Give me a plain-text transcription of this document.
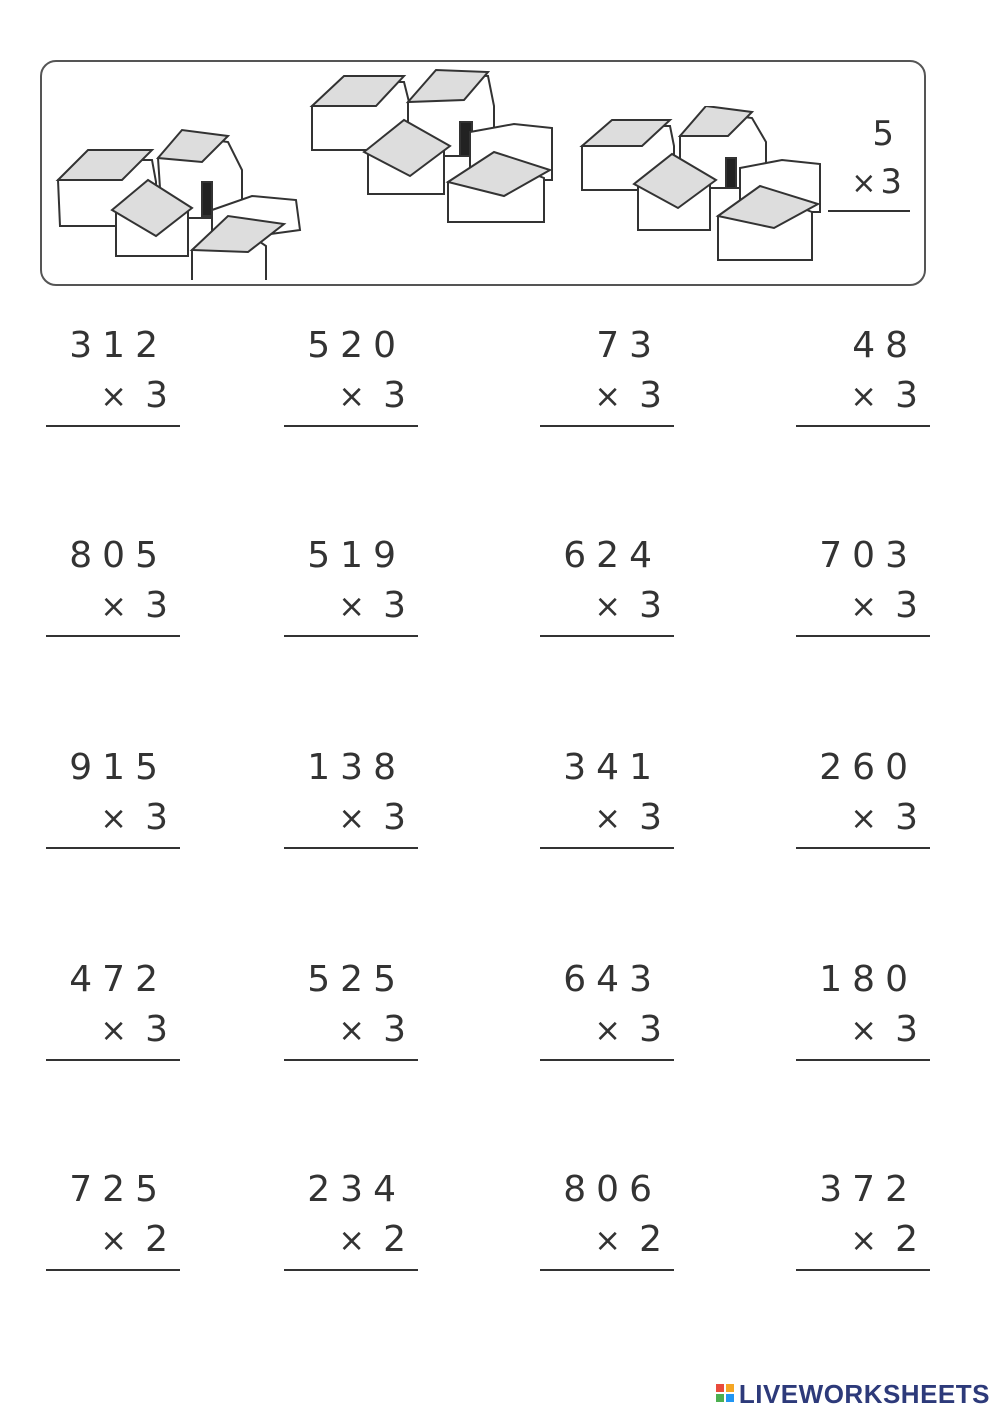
5
× 3
312
× 3
520
× 3
73
× 3
48
× 3
805
× 3
519
× 3
624
× 3
703
× 3
915
× 3
138
× 3
341
× 3
260
× 3
472
× 3
525
× 3
643
× 3
180
× 3
725
× 2
234
× 2
806
× 2
372
× 2
LIVEWORKSHEETS
